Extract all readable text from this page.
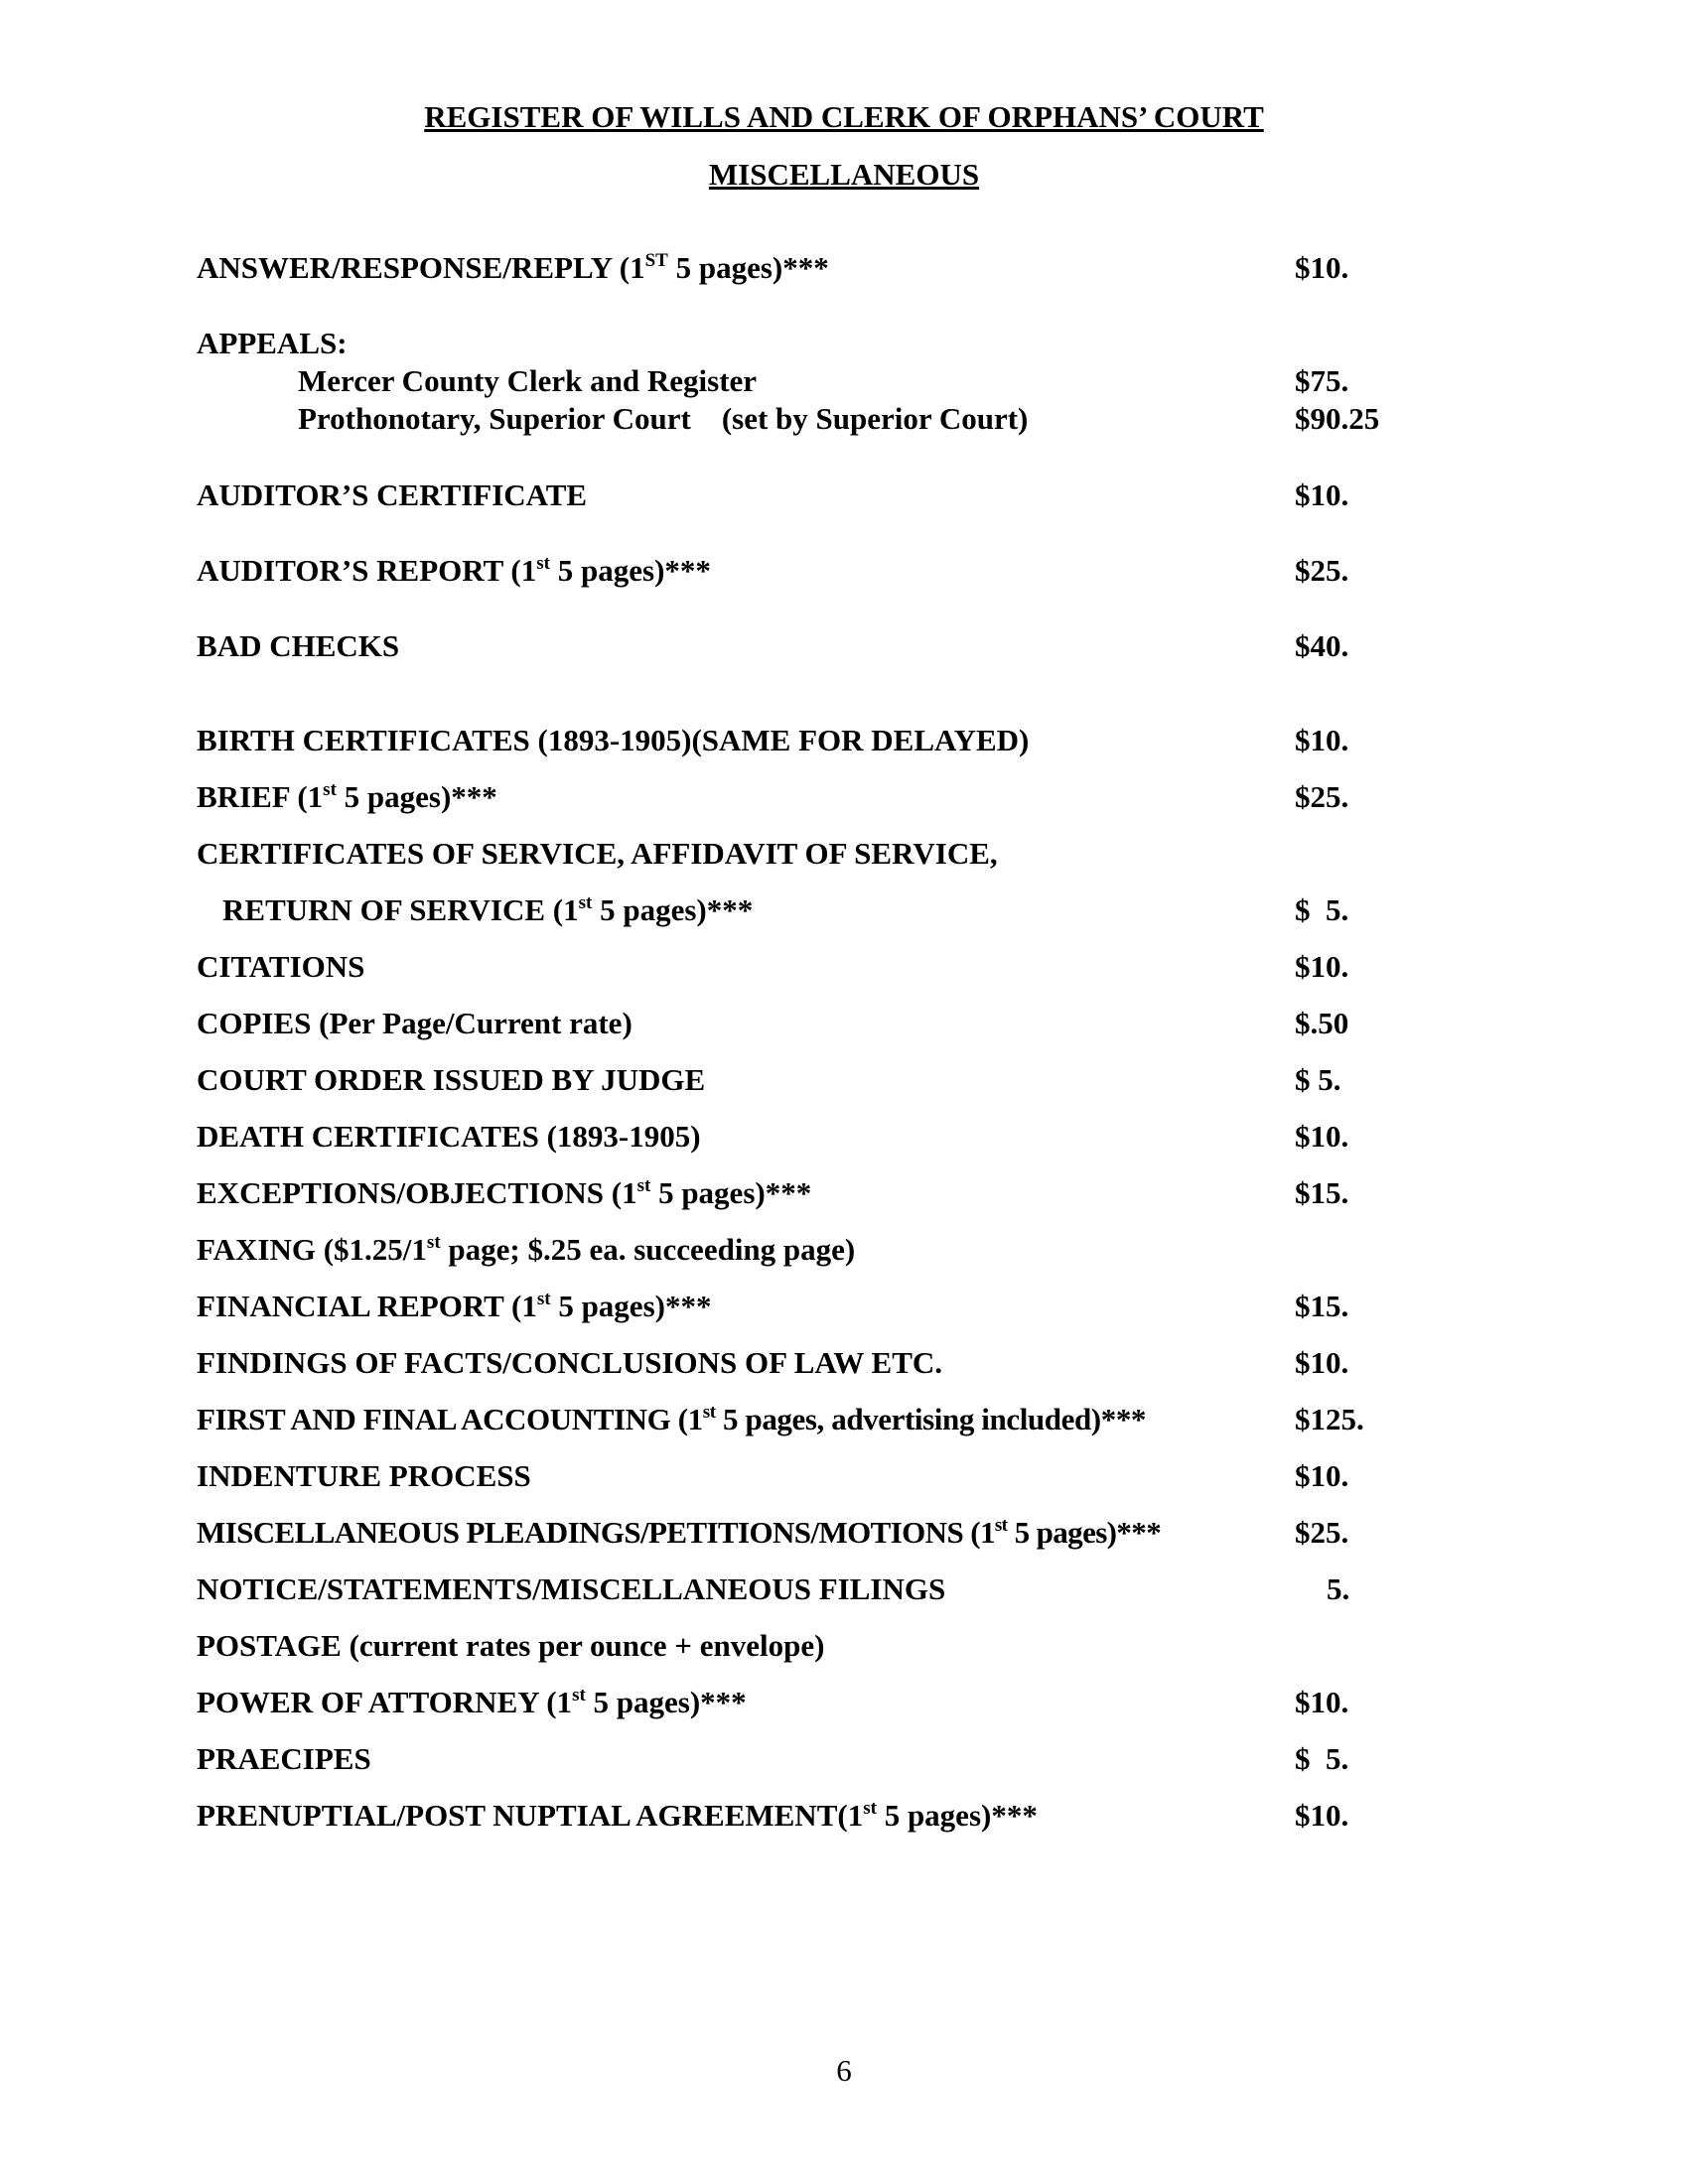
REGISTER OF WILLS AND CLERK OF ORPHANS’ COURT
MISCELLANEOUS
ANSWER/RESPONSE/REPLY (1ST 5 pages)***	$10.
APPEALS:
Mercer County Clerk and Register	$75.
Prothonotary, Superior Court    (set by Superior Court)	$90.25
AUDITOR’S CERTIFICATE	$10.
AUDITOR’S REPORT (1st 5 pages)***	$25.
BAD CHECKS	$40.
BIRTH CERTIFICATES (1893-1905)(SAME FOR DELAYED)	$10.
BRIEF (1st 5 pages)***	$25.
CERTIFICATES OF SERVICE, AFFIDAVIT OF SERVICE,
RETURN OF SERVICE (1st 5 pages)***	$  5.
CITATIONS	$10.
COPIES (Per Page/Current rate)	$.50
COURT ORDER ISSUED BY JUDGE	$ 5.
DEATH CERTIFICATES (1893-1905)	$10.
EXCEPTIONS/OBJECTIONS (1st 5 pages)***	$15.
FAXING ($1.25/1st page; $.25 ea. succeeding page)
FINANCIAL REPORT (1st 5 pages)***	$15.
FINDINGS OF FACTS/CONCLUSIONS OF LAW ETC.	$10.
FIRST AND FINAL ACCOUNTING (1st 5 pages, advertising included)***	$125.
INDENTURE PROCESS	$10.
MISCELLANEOUS PLEADINGS/PETITIONS/MOTIONS (1st 5 pages)***	$25.
NOTICE/STATEMENTS/MISCELLANEOUS FILINGS	5.
POSTAGE (current rates per ounce + envelope)
POWER OF ATTORNEY (1st 5 pages)***	$10.
PRAECIPES	$  5.
PRENUPTIAL/POST NUPTIAL AGREEMENT(1st 5 pages)***	$10.
6
